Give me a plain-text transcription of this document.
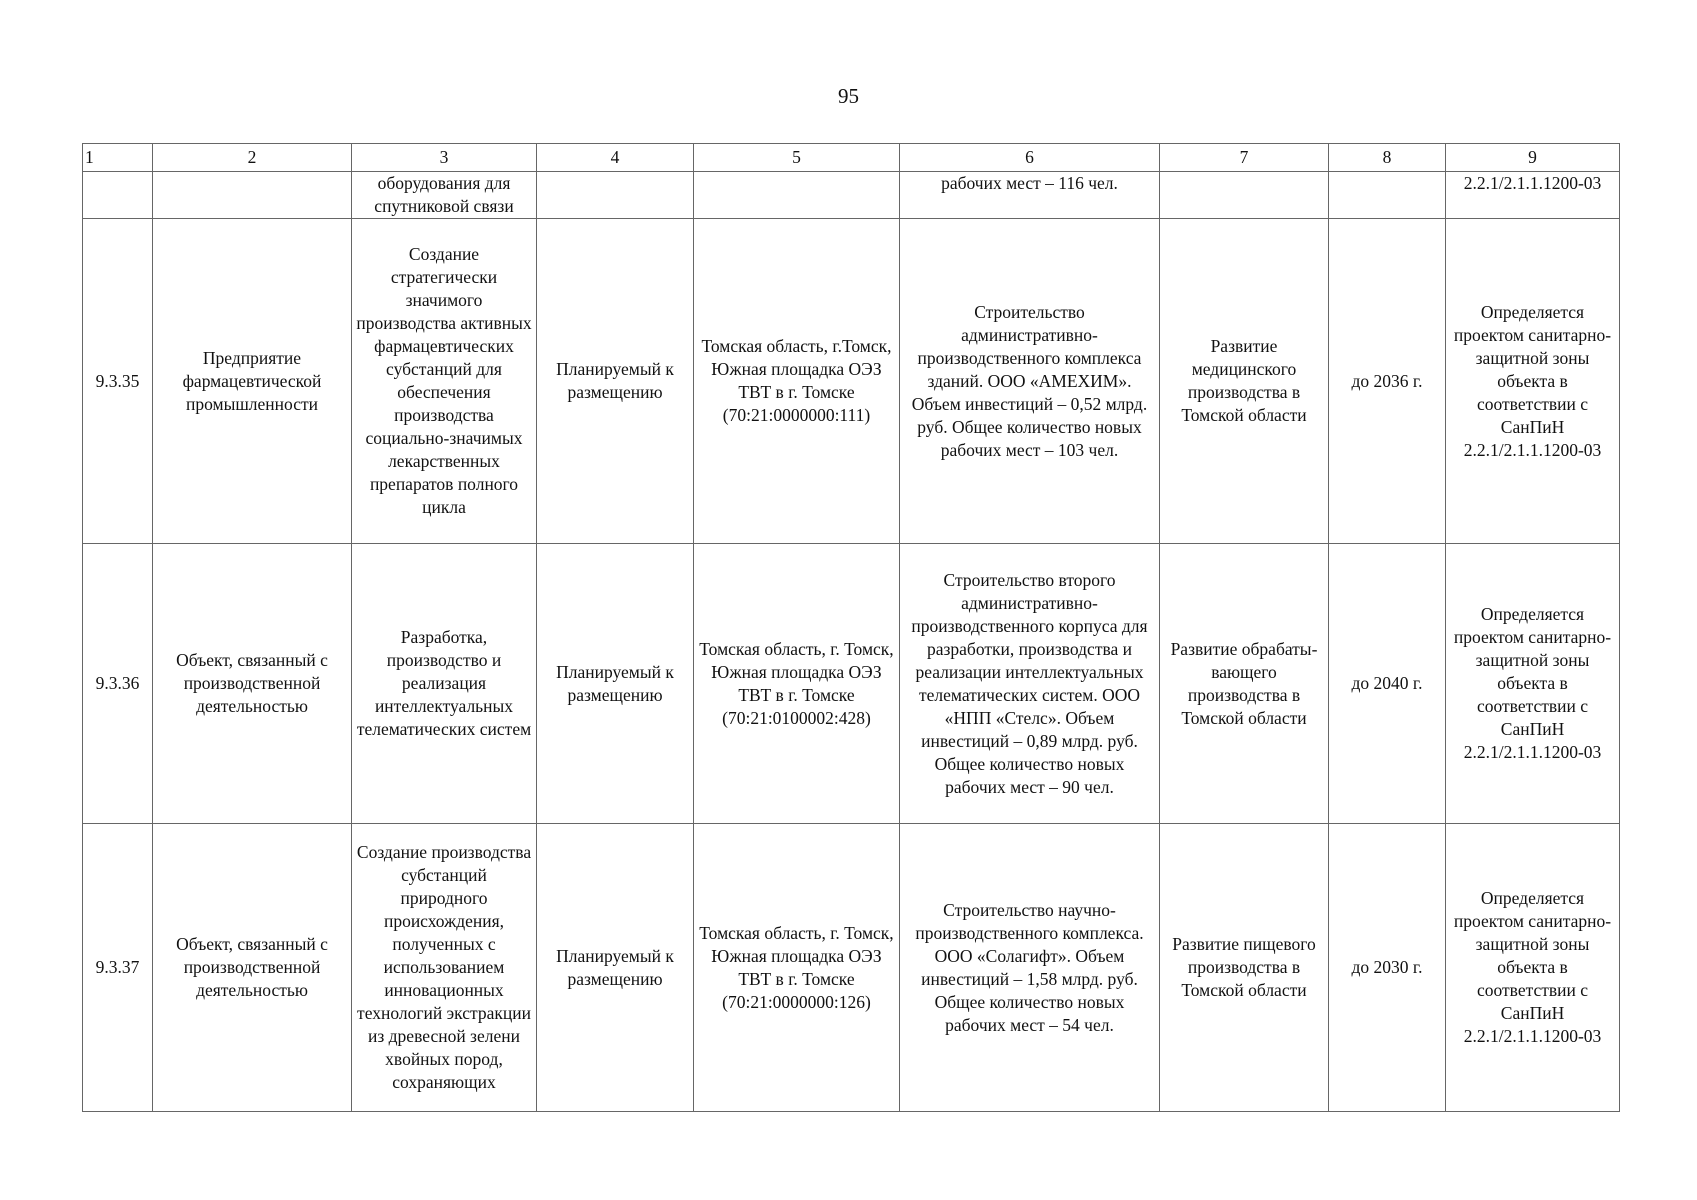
95
1	2	3	4	5	6	7	8	9
		оборудования для спутниковой связи			рабочих мест – 116 чел.			2.2.1/2.1.1.1200-03
9.3.35	Предприятие фармацевтической промышленности	Создание стратегически значимого производства активных фармацевтических субстанций для обеспечения производства социально-значимых лекарственных препаратов полного цикла	Планируемый к размещению	Томская область, г.Томск, Южная площадка ОЭЗ ТВТ в г. Томске (70:21:0000000:111)	Строительство административно-производственного комплекса зданий. ООО «АМЕХИМ». Объем инвестиций – 0,52 млрд. руб. Общее количество новых рабочих мест – 103 чел.	Развитие медицинского производства в Томской области	до 2036 г.	Определяется проектом санитарно-защитной зоны объекта в соответствии с СанПиН 2.2.1/2.1.1.1200-03
9.3.36	Объект, связанный с производственной деятельностью	Разработка, производство и реализация интеллектуальных телематических систем	Планируемый к размещению	Томская область, г. Томск, Южная площадка ОЭЗ ТВТ в г. Томске (70:21:0100002:428)	Строительство второго административно-производственного корпуса для разработки, производства и реализации интеллектуальных телематических систем. ООО «НПП «Стелс». Объем инвестиций – 0,89 млрд. руб. Общее количество новых рабочих мест – 90 чел.	Развитие обрабаты-вающего производства в Томской области	до 2040 г.	Определяется проектом санитарно-защитной зоны объекта в соответствии с СанПиН 2.2.1/2.1.1.1200-03
9.3.37	Объект, связанный с производственной деятельностью	Создание производства субстанций природного происхождения, полученных с использованием инновационных технологий экстракции из древесной зелени хвойных пород, сохраняющих	Планируемый к размещению	Томская область, г. Томск, Южная площадка ОЭЗ ТВТ в г. Томске (70:21:0000000:126)	Строительство научно-производственного комплекса. ООО «Солагифт». Объем инвестиций – 1,58 млрд. руб. Общее количество новых рабочих мест – 54 чел.	Развитие пищевого производства в Томской области	до 2030 г.	Определяется проектом санитарно-защитной зоны объекта в соответствии с СанПиН 2.2.1/2.1.1.1200-03
